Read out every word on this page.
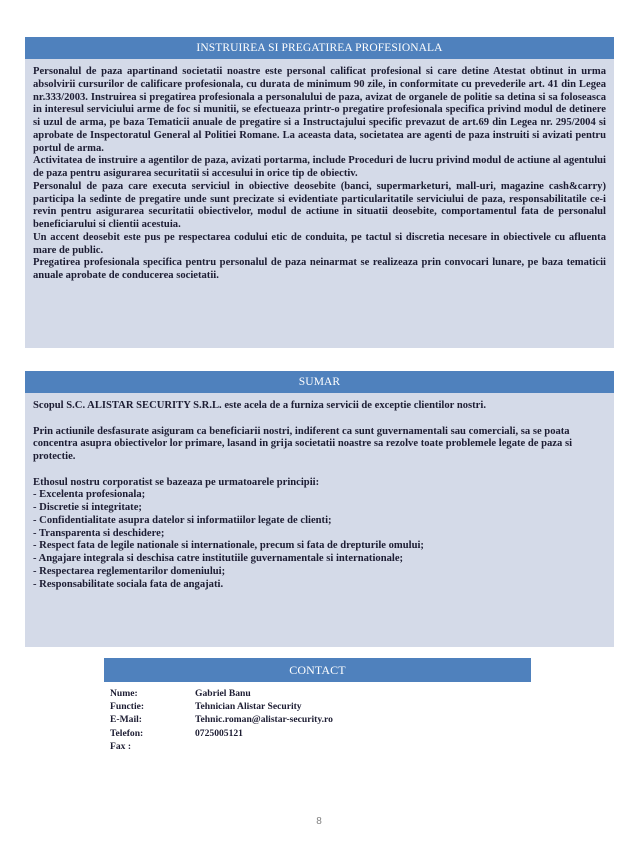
INSTRUIREA SI PREGATIREA PROFESIONALA

Personalul de paza apartinand societatii noastre este personal calificat profesional si care detine Atestat obtinut in urma absolvirii cursurilor de calificare profesionala, cu durata de minimum 90 zile, in conformitate cu prevederile art. 41 din Legea nr.333/2003. Instruirea si pregatirea profesionala a personalului de paza, avizat de organele de politie sa detina si sa foloseasca in interesul serviciului arme de foc si munitii, se efectueaza printr-o pregatire profesionala specifica privind modul de detinere si uzul de arma, pe baza Tematicii anuale de pregatire si a Instructajului specific prevazut de art.69 din Legea nr. 295/2004 si aprobate de Inspectoratul General al Politiei Romane. La aceasta data, societatea are agenti de paza instruiti si avizati pentru portul de arma.

Activitatea de instruire a agentilor de paza, avizati portarma, include Proceduri de lucru privind modul de actiune al agentului de paza pentru asigurarea securitatii si accesului in orice tip de obiectiv.

Personalul de paza care executa serviciul in obiective deosebite (banci, supermarketuri, mall-uri, magazine cash&carry) participa la sedinte de pregatire unde sunt precizate si evidentiate particularitatile serviciului de paza, responsabilitatile ce-i revin pentru asigurarea securitatii obiectivelor, modul de actiune in situatii deosebite, comportamentul fata de personalul beneficiarului si clientii acestuia.

Un accent deosebit este pus pe respectarea codului etic de conduita, pe tactul si discretia necesare in obiectivele cu afluenta mare de public.

Pregatirea profesionala specifica pentru personalul de paza neinarmat se realizeaza prin convocari lunare, pe baza tematicii anuale aprobate de conducerea societatii.

SUMAR

Scopul S.C. ALISTAR SECURITY S.R.L. este acela de a furniza servicii de exceptie clientilor nostri.

Prin actiunile desfasurate asiguram ca beneficiarii nostri, indiferent ca sunt guvernamentali sau comerciali, sa se poata concentra asupra obiectivelor lor primare, lasand in grija societatii noastre sa rezolve toate problemele legate de paza si protectie.

Ethosul nostru corporatist se bazeaza pe urmatoarele principii:

- Excelenta profesionala;

- Discretie si integritate;

- Confidentialitate asupra datelor si informatiilor legate de clienti;

- Transparenta si deschidere;

- Respect fata de legile nationale si internationale, precum si fata de drepturile omului;

- Angajare integrala si deschisa catre institutiile guvernamentale si internationale;

- Respectarea reglementarilor domeniului;

- Responsabilitate sociala fata de angajati.

CONTACT
Nume:	Gabriel Banu
Functie:	Tehnician Alistar Security
E-Mail:	Tehnic.roman@alistar-security.ro
Telefon:	0725005121
Fax :
8
